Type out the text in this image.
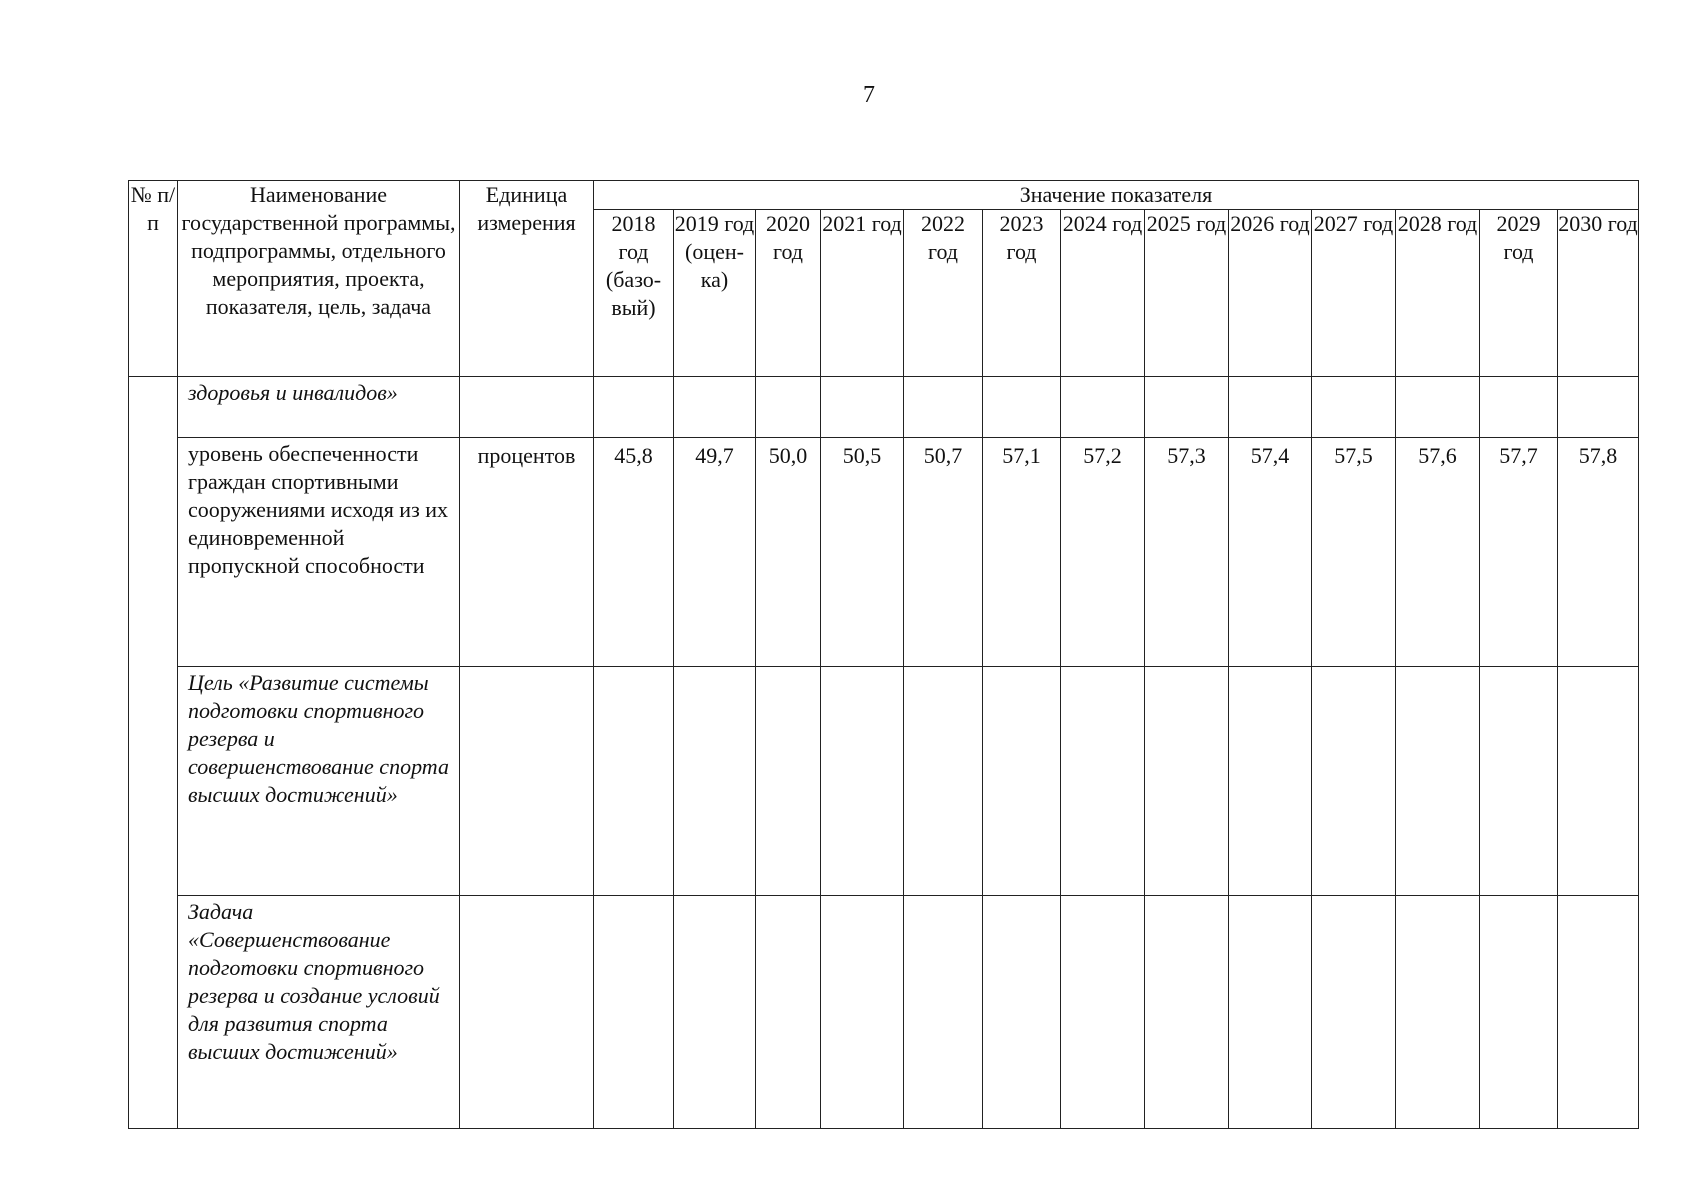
7
№ п/п	Наименование государственной программы, подпрограммы, отдельного мероприятия, проекта, показателя, цель, задача	Единица измерения	Значение показателя												
			2018 год (базо-вый)	2019 год (оцен-ка)	2020 год	2021 год	2022 год	2023 год	2024 год	2025 год	2026 год	2027 год	2028 год	2029 год	2030 год
	здоровья и инвалидов»														
	уровень обеспеченности граждан спортивными сооружениями исходя из их единовременной пропускной способности	процентов	45,8	49,7	50,0	50,5	50,7	57,1	57,2	57,3	57,4	57,5	57,6	57,7	57,8
	Цель «Развитие системы подготовки спортивного резерва и совершенствование спорта высших достижений»														
	Задача «Совершенствование подготовки спортивного резерва и создание условий для развития спорта высших достижений»														
